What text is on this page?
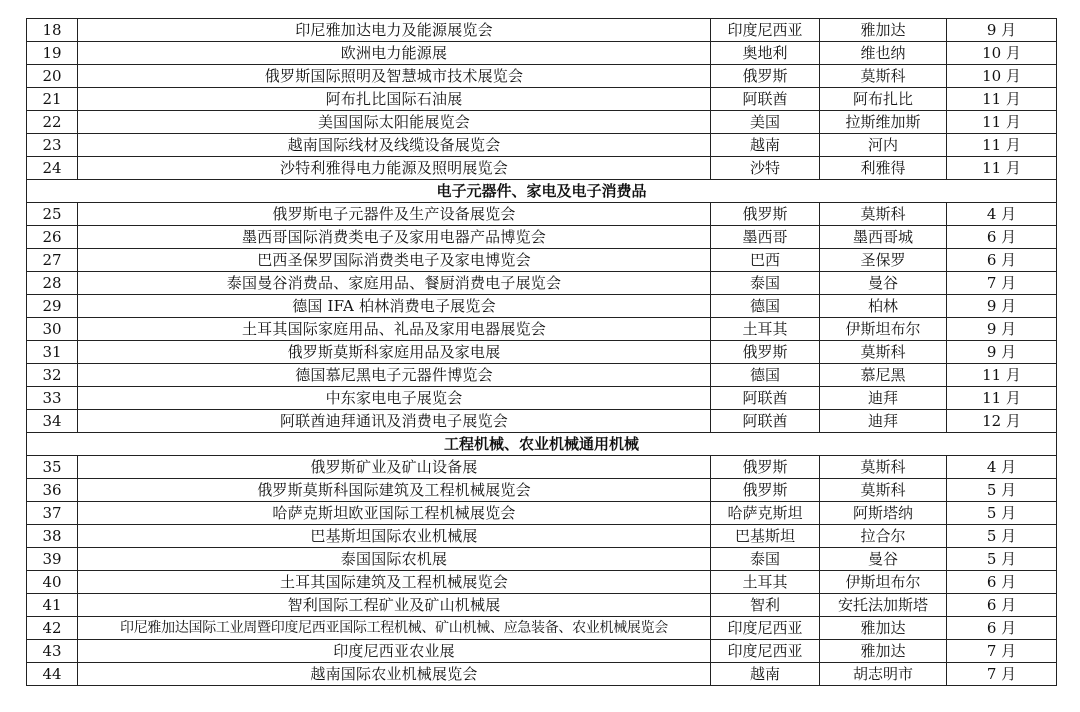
18	印尼雅加达电力及能源展览会	印度尼西亚	雅加达	9 月
19	欧洲电力能源展	奥地利	维也纳	10 月
20	俄罗斯国际照明及智慧城市技术展览会	俄罗斯	莫斯科	10 月
21	阿布扎比国际石油展	阿联酋	阿布扎比	11 月
22	美国国际太阳能展览会	美国	拉斯维加斯	11 月
23	越南国际线材及线缆设备展览会	越南	河内	11 月
24	沙特利雅得电力能源及照明展览会	沙特	利雅得	11 月
电子元器件、家电及电子消费品				
25	俄罗斯电子元器件及生产设备展览会	俄罗斯	莫斯科	4 月
26	墨西哥国际消费类电子及家用电器产品博览会	墨西哥	墨西哥城	6 月
27	巴西圣保罗国际消费类电子及家电博览会	巴西	圣保罗	6 月
28	泰国曼谷消费品、家庭用品、餐厨消费电子展览会	泰国	曼谷	7 月
29	德国 IFA 柏林消费电子展览会	德国	柏林	9 月
30	土耳其国际家庭用品、礼品及家用电器展览会	土耳其	伊斯坦布尔	9 月
31	俄罗斯莫斯科家庭用品及家电展	俄罗斯	莫斯科	9 月
32	德国慕尼黑电子元器件博览会	德国	慕尼黑	11 月
33	中东家电电子展览会	阿联酋	迪拜	11 月
34	阿联酋迪拜通讯及消费电子展览会	阿联酋	迪拜	12 月
工程机械、农业机械通用机械				
35	俄罗斯矿业及矿山设备展	俄罗斯	莫斯科	4 月
36	俄罗斯莫斯科国际建筑及工程机械展览会	俄罗斯	莫斯科	5 月
37	哈萨克斯坦欧亚国际工程机械展览会	哈萨克斯坦	阿斯塔纳	5 月
38	巴基斯坦国际农业机械展	巴基斯坦	拉合尔	5 月
39	泰国国际农机展	泰国	曼谷	5 月
40	土耳其国际建筑及工程机械展览会	土耳其	伊斯坦布尔	6 月
41	智利国际工程矿业及矿山机械展	智利	安托法加斯塔	6 月
42	印尼雅加达国际工业周暨印度尼西亚国际工程机械、矿山机械、应急装备、农业机械展览会	印度尼西亚	雅加达	6 月
43	印度尼西亚农业展	印度尼西亚	雅加达	7 月
44	越南国际农业机械展览会	越南	胡志明市	7 月
